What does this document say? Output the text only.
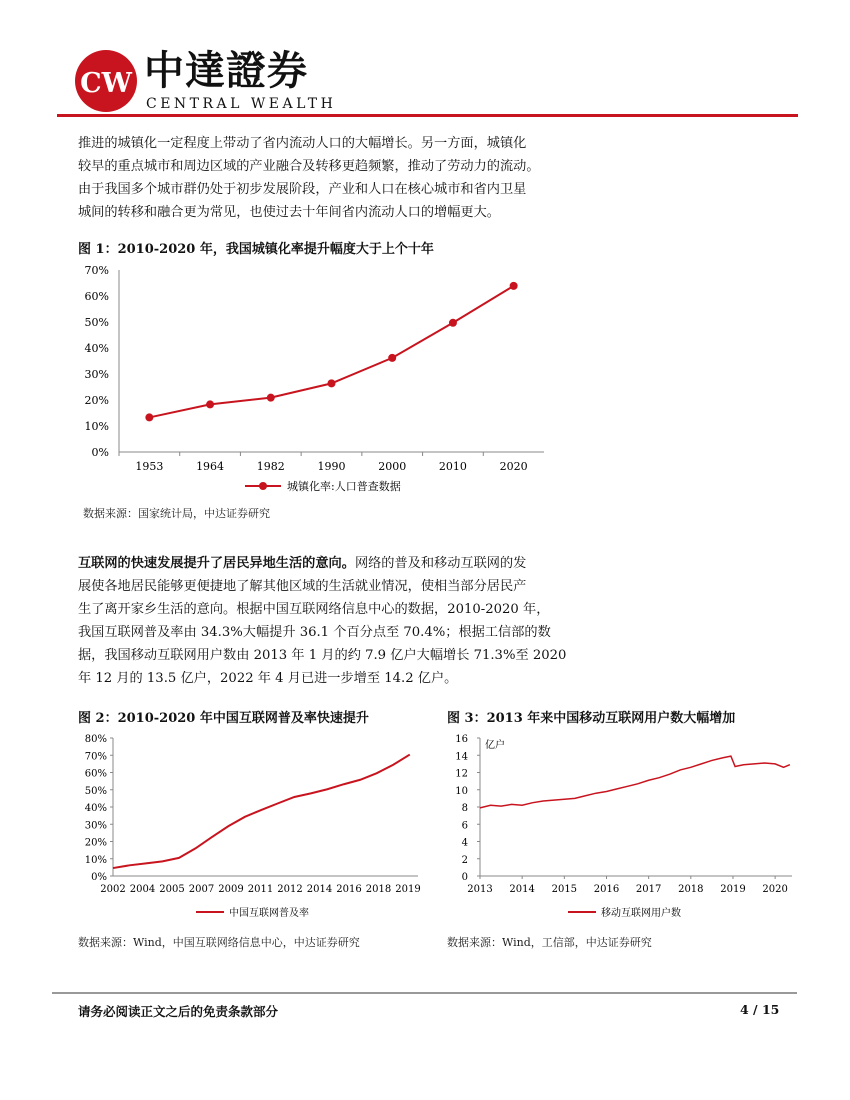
CW 中達證券
CENTRAL WEALTH

推进的城镇化一定程度上带动了省内流动人口的大幅增长。另一方面，城镇化

较早的重点城市和周边区域的产业融合及转移更趋频繁，推动了劳动力的流动。

由于我国多个城市群仍处于初步发展阶段，产业和人口在核心城市和省内卫星

城间的转移和融合更为常见，也使过去十年间省内流动人口的增幅更大。

图 1：2010-2020 年，我国城镇化率提升幅度大于上个十年
0%
10%
20%
30%
40%
50%
60%
70%
1953	1964	1982	1990	2000	2010	2020
城镇化率:人口普查数据
数据来源：国家统计局，中达证券研究

互联网的快速发展提升了居民异地生活的意向。网络的普及和移动互联网的发

展使各地居民能够更便捷地了解其他区域的生活就业情况，使相当部分居民产

生了离开家乡生活的意向。根据中国互联网络信息中心的数据，2010-2020 年，

我国互联网普及率由 34.3%大幅提升 36.1 个百分点至 70.4%；根据工信部的数

据，我国移动互联网用户数由 2013 年 1 月的约 7.9 亿户大幅增长 71.3%至 2020

年 12 月的 13.5 亿户，2022 年 4 月已进一步增至 14.2 亿户。

图 2：2010-2020 年中国互联网普及率快速提升
0%
10%
20%
30%
40%
50%
60%
70%
80%
2002 2004 2005 2007 2009 2011 2012 2014 2016 2018 2019
中国互联网普及率
数据来源：Wind，中国互联网络信息中心，中达证券研究
图 3：2013 年来中国移动互联网用户数大幅增加
0
2
4
6
8
10
12
14
16
亿户
2013 2014 2015 2016 2017 2018 2019 2020
移动互联网用户数
数据来源：Wind，工信部，中达证券研究
请务必阅读正文之后的免责条款部分	4 / 15
